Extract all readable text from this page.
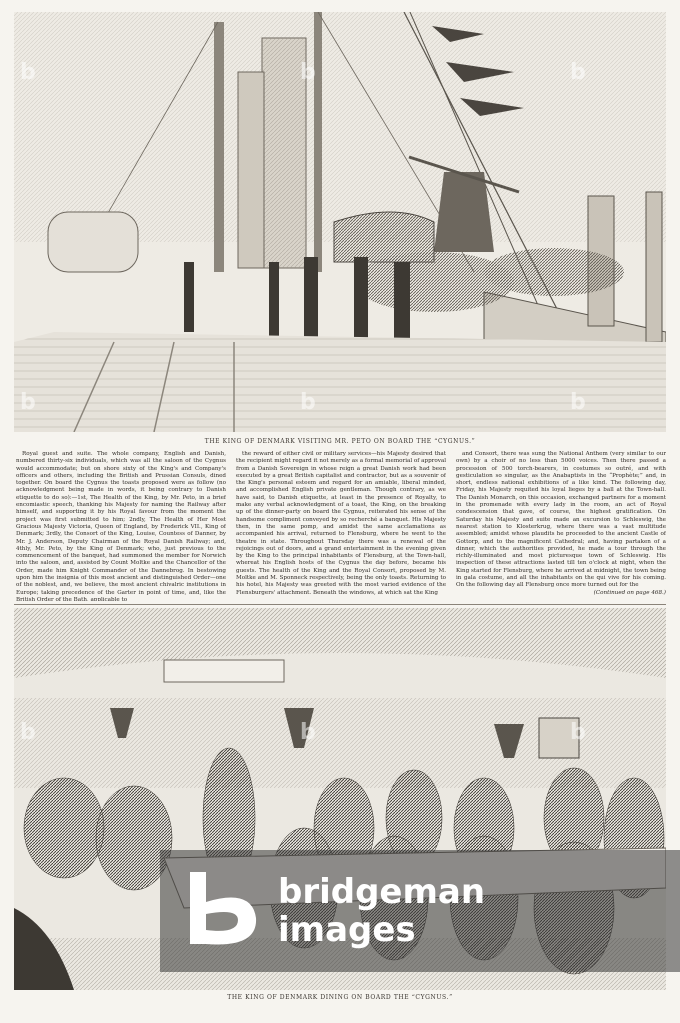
THE KING OF DENMARK VISITING MR. PETO ON BOARD THE “CYGNUS.”

Royal guest and suite. The whole company, English and Danish, numbered thirty-six individuals, which was all the saloon of the Cygnus would accommodate; but on shore sixty of the King's and Company's officers and others, including the British and Prussian Consuls, dined together. On board the Cygnus the toasts proposed were as follow (no acknowledgment being made in words, it being contrary to Danish etiquette to do so):—1st, The Health of the King, by Mr. Peto, in a brief encomiastic speech, thanking his Majesty for naming the Railway after himself, and supporting it by his Royal favour from the moment the project was first submitted to him; 2ndly, The Health of Her Most Gracious Majesty Victoria, Queen of England, by Frederick VII., King of Denmark; 3rdly, the Consort of the King, Louise, Countess of Danner, by Mr. J. Anderson, Deputy Chairman of the Royal Danish Railway; and, 4thly, Mr. Peto, by the King of Denmark; who, just previous to the commencement of the banquet, had summoned the member for Norwich into the saloon, and, assisted by Count Moltke and the Chancellor of the Order, made him Knight Commander of the Dannebrog. In bestowing upon him the insignia of this most ancient and distinguished Order—one of the noblest, and, we believe, the most ancient chivalric institutions in Europe; taking precedence of the Garter in point of time, and, like the British Order of the Bath, applicable to

the reward of either civil or military services—his Majesty desired that the recipient might regard it not merely as a formal memorial of approval from a Danish Sovereign in whose reign a great Danish work had been executed by a great British capitalist and contractor, but as a souvenir of the King's personal esteem and regard for an amiable, liberal minded, and accomplished English private gentleman. Though contrary, as we have said, to Danish etiquette, at least in the presence of Royalty, to make any verbal acknowledgment of a toast, the King, on the breaking up of the dinner-party on board the Cygnus, reiterated his sense of the handsome compliment conveyed by so recherché a banquet. His Majesty then, in the same pomp, and amidst the same acclamations as accompanied his arrival, returned to Flensburg, where he went to the theatre in state. Throughout Thursday there was a renewal of the rejoicings out of doors, and a grand entertainment in the evening given by the King to the principal inhabitants of Flensburg, at the Town-hall, whereat his English hosts of the Cygnus the day before, became his guests. The health of the King and the Royal Consort, proposed by M. Moltke and M. Sponneck respectively, being the only toasts. Returning to his hotel, his Majesty was greeted with the most varied evidence of the Flensburgers' attachment. Beneath the windows, at which sat the King

and Consort, there was sung the National Anthem (very similar to our own) by a choir of no less than 5000 voices. Then there passed a procession of 500 torch-bearers, in costumes so outré, and with gesticulation so singular, as the Anabaptists in the “Prophète;” and, in short, endless national exhibitions of a like kind. The following day, Friday, his Majesty requited his loyal lieges by a ball at the Town-hall. The Danish Monarch, on this occasion, exchanged partners for a moment in the promenade with every lady in the room, an act of Royal condescension that gave, of course, the highest gratification. On Saturday his Majesty and suite made an excursion to Schleswig, the nearest station to Klosterkrug, where there was a vast multitude assembled; amidst whose plaudits he proceeded to the ancient Castle of Gottorp, and to the magnificent Cathedral; and, having partaken of a dinner, which the authorities provided, he made a tour through the richly-illuminated and most picturesque town of Schleswig. His inspection of these attractions lasted till ten o'clock at night, when the King started for Flensburg, where he arrived at midnight, the town being in gala costume, and all the inhabitants on the qui vive for his coming. On the following day all Flensburg once more turned out for the

(Continued on page 468.)
THE KING OF DENMARK DINING ON BOARD THE “CYGNUS.”
b	b	b
b	b	b
b	b	b
bridgeman
images
